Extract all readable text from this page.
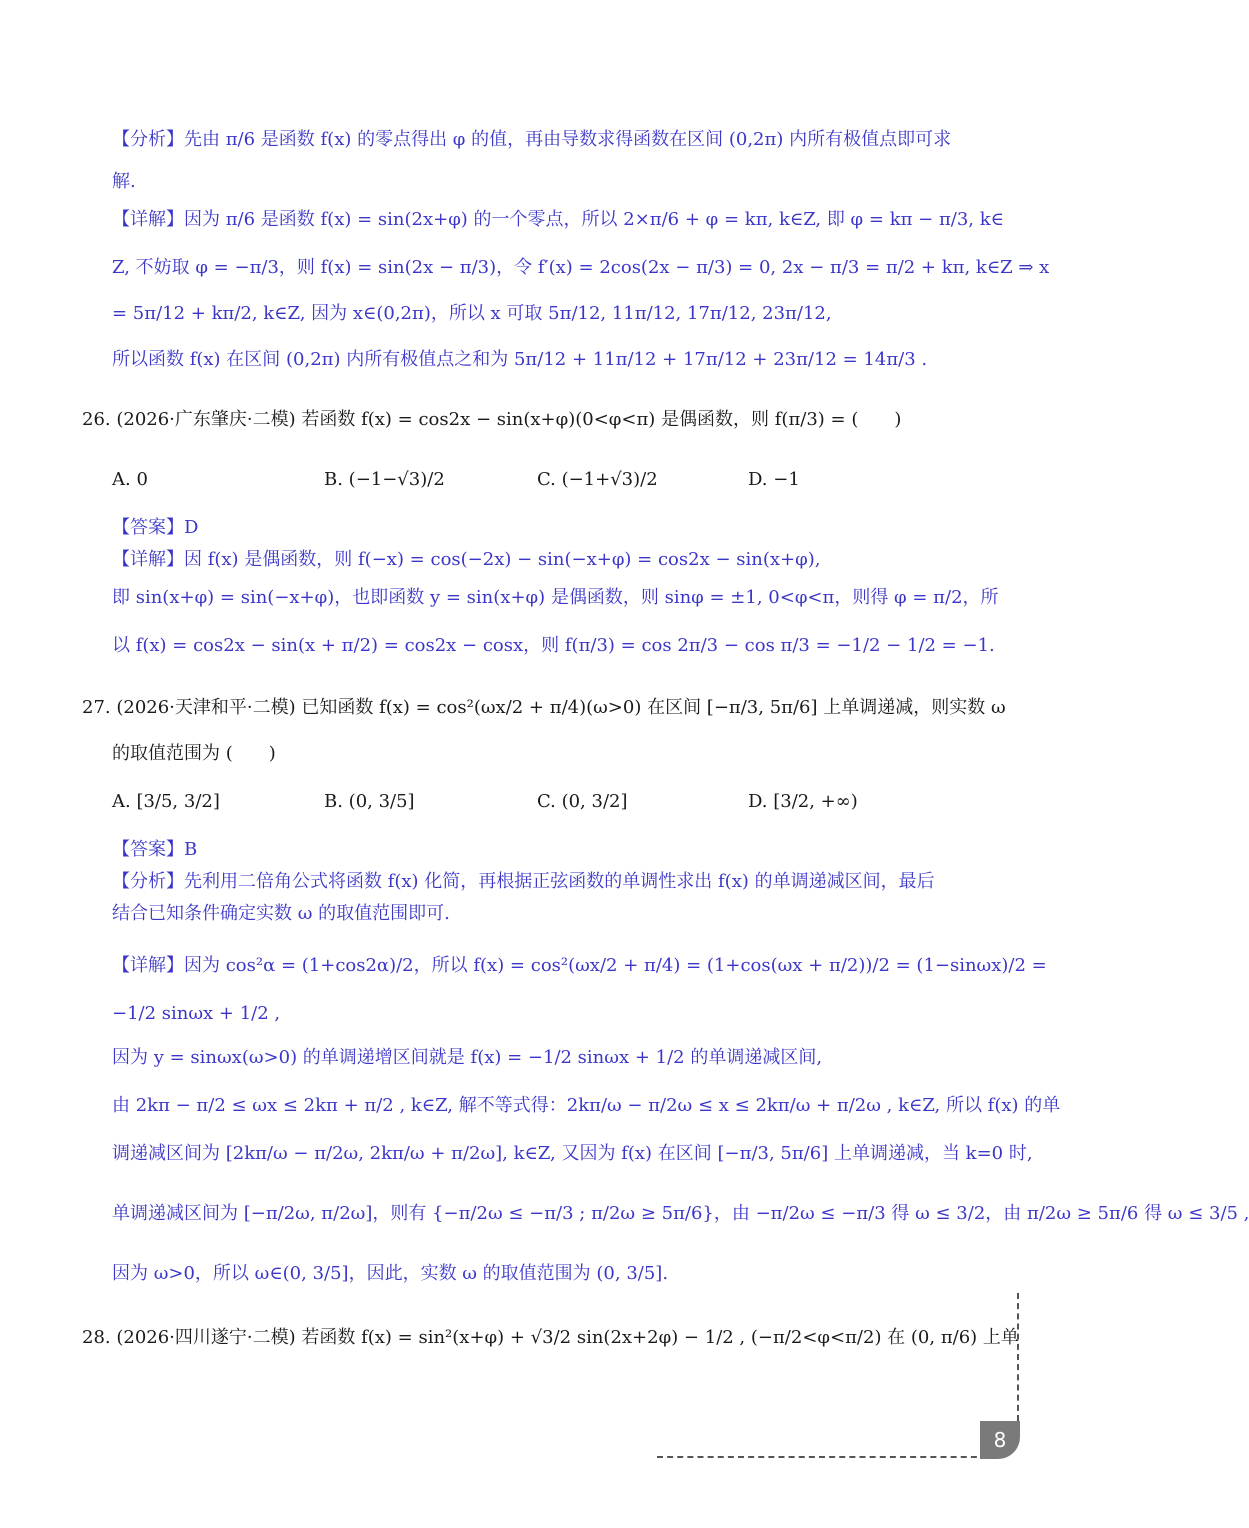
【分析】先由 π/6 是函数 f(x) 的零点得出 φ 的值，再由导数求得函数在区间 (0,2π) 内所有极值点即可求
解.
【详解】因为 π/6 是函数 f(x) = sin(2x+φ) 的一个零点，所以 2×π/6 + φ = kπ, k∈Z, 即 φ = kπ − π/3, k∈
Z, 不妨取 φ = −π/3，则 f(x) = sin(2x − π/3)，令 f′(x) = 2cos(2x − π/3) = 0, 2x − π/3 = π/2 + kπ, k∈Z ⇒ x
= 5π/12 + kπ/2, k∈Z, 因为 x∈(0,2π)，所以 x 可取 5π/12, 11π/12, 17π/12, 23π/12,
所以函数 f(x) 在区间 (0,2π) 内所有极值点之和为 5π/12 + 11π/12 + 17π/12 + 23π/12 = 14π/3 .
26. (2026·广东肇庆·二模) 若函数 f(x) = cos2x − sin(x+φ)(0<φ<π) 是偶函数，则 f(π/3) = (　　)
A. 0	B. (−1−√3)/2	C. (−1+√3)/2	D. −1
【答案】D
【详解】因 f(x) 是偶函数，则 f(−x) = cos(−2x) − sin(−x+φ) = cos2x − sin(x+φ),
即 sin(x+φ) = sin(−x+φ)，也即函数 y = sin(x+φ) 是偶函数，则 sinφ = ±1, 0<φ<π，则得 φ = π/2，所
以 f(x) = cos2x − sin(x + π/2) = cos2x − cosx，则 f(π/3) = cos 2π/3 − cos π/3 = −1/2 − 1/2 = −1.
27. (2026·天津和平·二模) 已知函数 f(x) = cos²(ωx/2 + π/4)(ω>0) 在区间 [−π/3, 5π/6] 上单调递减，则实数 ω
的取值范围为 (　　)
A. [3/5, 3/2]	B. (0, 3/5]	C. (0, 3/2]	D. [3/2, +∞)
【答案】B
【分析】先利用二倍角公式将函数 f(x) 化简，再根据正弦函数的单调性求出 f(x) 的单调递减区间，最后
结合已知条件确定实数 ω 的取值范围即可.
【详解】因为 cos²α = (1+cos2α)/2，所以 f(x) = cos²(ωx/2 + π/4) = (1+cos(ωx + π/2))/2 = (1−sinωx)/2 =
−1/2 sinωx + 1/2 ,
因为 y = sinωx(ω>0) 的单调递增区间就是 f(x) = −1/2 sinωx + 1/2 的单调递减区间,
由 2kπ − π/2 ≤ ωx ≤ 2kπ + π/2 , k∈Z, 解不等式得：2kπ/ω − π/2ω ≤ x ≤ 2kπ/ω + π/2ω , k∈Z, 所以 f(x) 的单
调递减区间为 [2kπ/ω − π/2ω, 2kπ/ω + π/2ω], k∈Z, 又因为 f(x) 在区间 [−π/3, 5π/6] 上单调递减，当 k=0 时,
单调递减区间为 [−π/2ω, π/2ω]，则有 {−π/2ω ≤ −π/3 ; π/2ω ≥ 5π/6}，由 −π/2ω ≤ −π/3 得 ω ≤ 3/2，由 π/2ω ≥ 5π/6 得 ω ≤ 3/5 ,
因为 ω>0，所以 ω∈(0, 3/5]，因此，实数 ω 的取值范围为 (0, 3/5].
28. (2026·四川遂宁·二模) 若函数 f(x) = sin²(x+φ) + √3/2 sin(2x+2φ) − 1/2 , (−π/2<φ<π/2) 在 (0, π/6) 上单
8
